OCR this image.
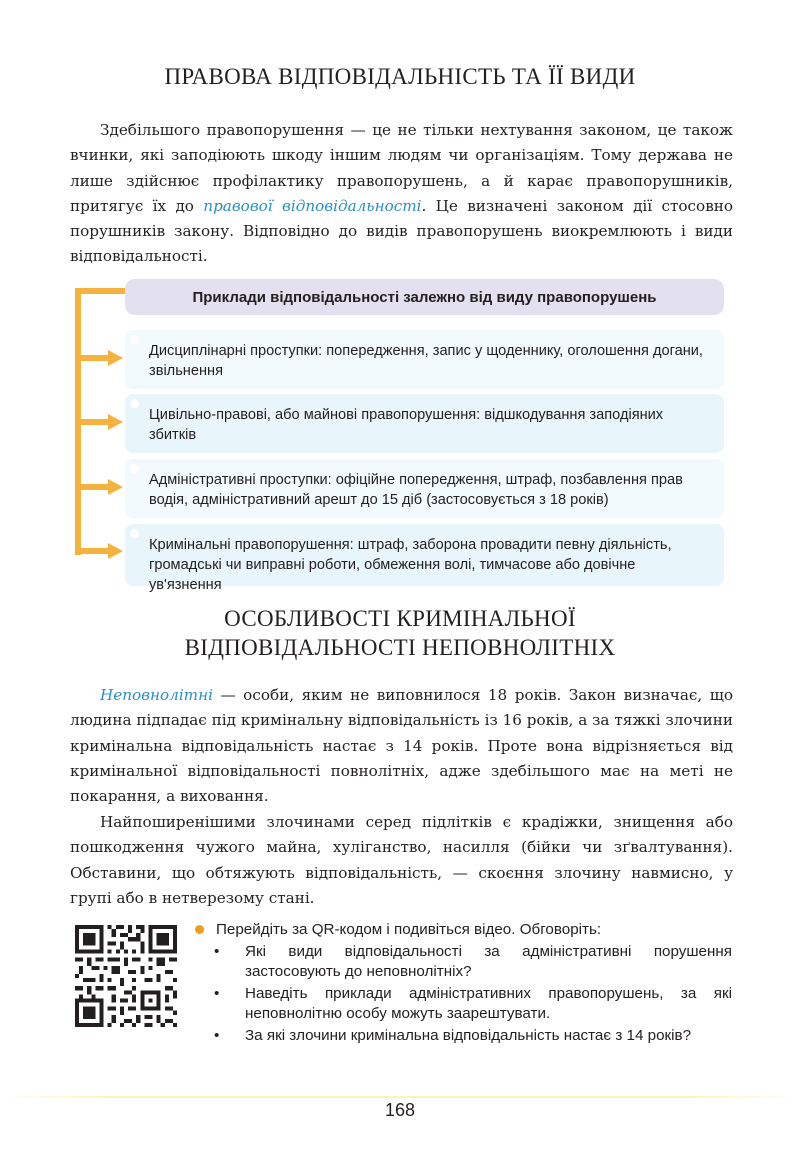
ПРАВОВА ВІДПОВІДАЛЬНІСТЬ ТА ЇЇ ВИДИ
Здебільшого правопорушення — це не тільки нехтування законом, це також вчинки, які заподіюють шкоду іншим людям чи організаціям. Тому держава не лише здійснює профілактику правопорушень, а й карає правопорушників, притягує їх до правової відповідальності. Це визначені законом дії стосовно порушників закону. Відповідно до видів правопорушень виокремлюють і види відповідальності.
Приклади відповідальності залежно від виду правопорушень
Дисциплінарні проступки: попередження, запис у щоденнику, оголошення догани, звільнення
Цивільно-правові, або майнові правопорушення: відшкодування заподіяних збитків
Адміністративні проступки: офіційне попередження, штраф, позбавлення прав водія, адміністративний арешт до 15 діб (застосовується з 18 років)
Кримінальні правопорушення: штраф, заборона провадити певну діяльність, громадські чи виправні роботи, обмеження волі, тимчасове або довічне ув'язнення
ОСОБЛИВОСТІ КРИМІНАЛЬНОЇ
ВІДПОВІДАЛЬНОСТІ НЕПОВНОЛІТНІХ
Неповнолітні — особи, яким не виповнилося 18 років. Закон визначає, що людина підпадає під кримінальну відповідальність із 16 років, а за тяжкі злочини кримінальна відповідальність настає з 14 років. Проте вона відрізняється від кримінальної відповідальності повнолітніх, адже здебільшого має на меті не покарання, а виховання.
Найпоширенішими злочинами серед підлітків є крадіжки, знищення або пошкодження чужого майна, хуліганство, насилля (бійки чи зґвалтування). Обставини, що обтяжують відповідальність, — скоєння злочину навмисно, у групі або в нетверезому стані.
Перейдіть за QR-кодом і подивіться відео. Обговоріть:
• Які види відповідальності за адміністративні порушення застосовують до неповнолітніх?
• Наведіть приклади адміністративних правопорушень, за які неповнолітню особу можуть заарештувати.
• За які злочини кримінальна відповідальність настає з 14 років?
168
